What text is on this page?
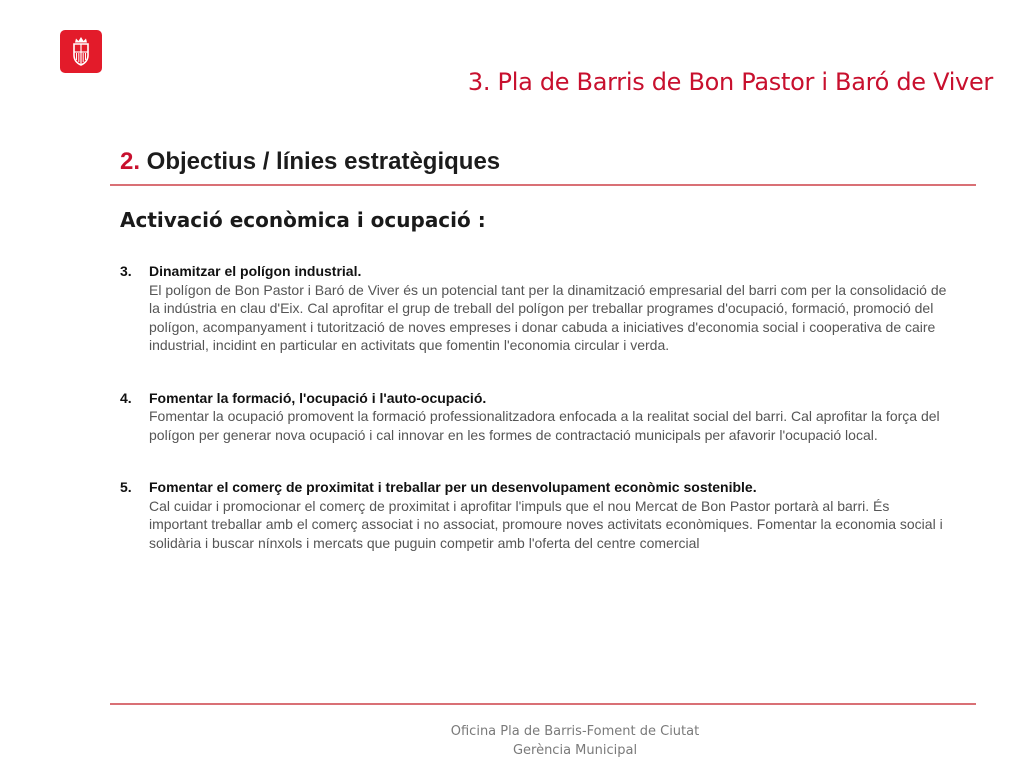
3. Pla de Barris de Bon Pastor i Baró de Viver
2. Objectius / línies estratègiques
Activació econòmica i ocupació :
3.	Dinamitzar el polígon industrial.
El polígon de Bon Pastor i Baró de Viver és un potencial tant per la dinamització empresarial del barri com per la consolidació de la indústria en clau d'Eix. Cal aprofitar el grup de treball del polígon per treballar programes d'ocupació, formació, promoció del polígon, acompanyament i tutorització de noves empreses i donar cabuda a iniciatives d'economia social i cooperativa de caire industrial, incidint en particular en activitats que fomentin l'economia circular i verda.
4.	Fomentar la formació, l'ocupació i l'auto-ocupació.
Fomentar la ocupació promovent la formació professionalitzadora enfocada a la realitat social del barri. Cal aprofitar la força del polígon per generar nova ocupació i cal innovar en les formes de contractació municipals per afavorir l'ocupació local.
5.	Fomentar el comerç de proximitat i treballar per un desenvolupament econòmic sostenible.
Cal cuidar i promocionar el comerç de proximitat i aprofitar l'impuls que el nou Mercat de Bon Pastor portarà al barri. És important treballar amb el comerç associat i no associat, promoure noves activitats econòmiques. Fomentar la economia social i solidària i buscar nínxols i mercats que puguin competir amb l'oferta del centre comercial
Oficina Pla de Barris-Foment de Ciutat
Gerència Municipal
